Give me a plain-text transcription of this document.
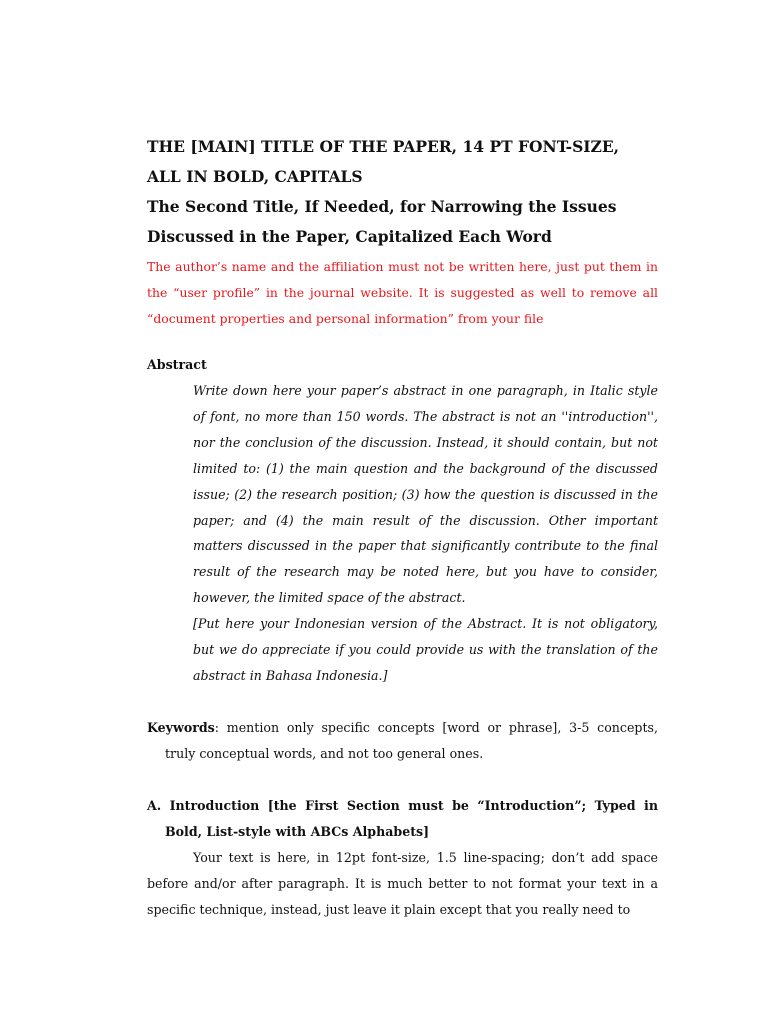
THE [MAIN] TITLE OF THE PAPER, 14 PT FONT-SIZE, ALL IN BOLD, CAPITALS
The Second Title, If Needed, for Narrowing the Issues Discussed in the Paper, Capitalized Each Word

The author’s name and the affiliation must not be written here, just put them in the “user profile” in the journal website. It is suggested as well to remove all “document properties and personal information” from your file

Abstract

Write down here your paper’s abstract in one paragraph, in Italic style of font, no more than 150 words. The abstract is not an ''introduction'', nor the conclusion of the discussion. Instead, it should contain, but not limited to: (1) the main question and the background of the discussed issue; (2) the research position; (3) how the question is discussed in the paper; and (4) the main result of the discussion. Other important matters discussed in the paper that significantly contribute to the final result of the research may be noted here, but you have to consider, however, the limited space of the abstract.

[Put here your Indonesian version of the Abstract. It is not obligatory, but we do appreciate if you could provide us with the translation of the abstract in Bahasa Indonesia.]

Keywords: mention only specific concepts [word or phrase], 3-5 concepts, truly conceptual words, and not too general ones.

A. Introduction [the First Section must be “Introduction”; Typed in Bold, List-style with ABCs Alphabets]

Your text is here, in 12pt font-size, 1.5 line-spacing; don’t add space before and/or after paragraph. It is much better to not format your text in a specific technique, instead, just leave it plain except that you really need to
